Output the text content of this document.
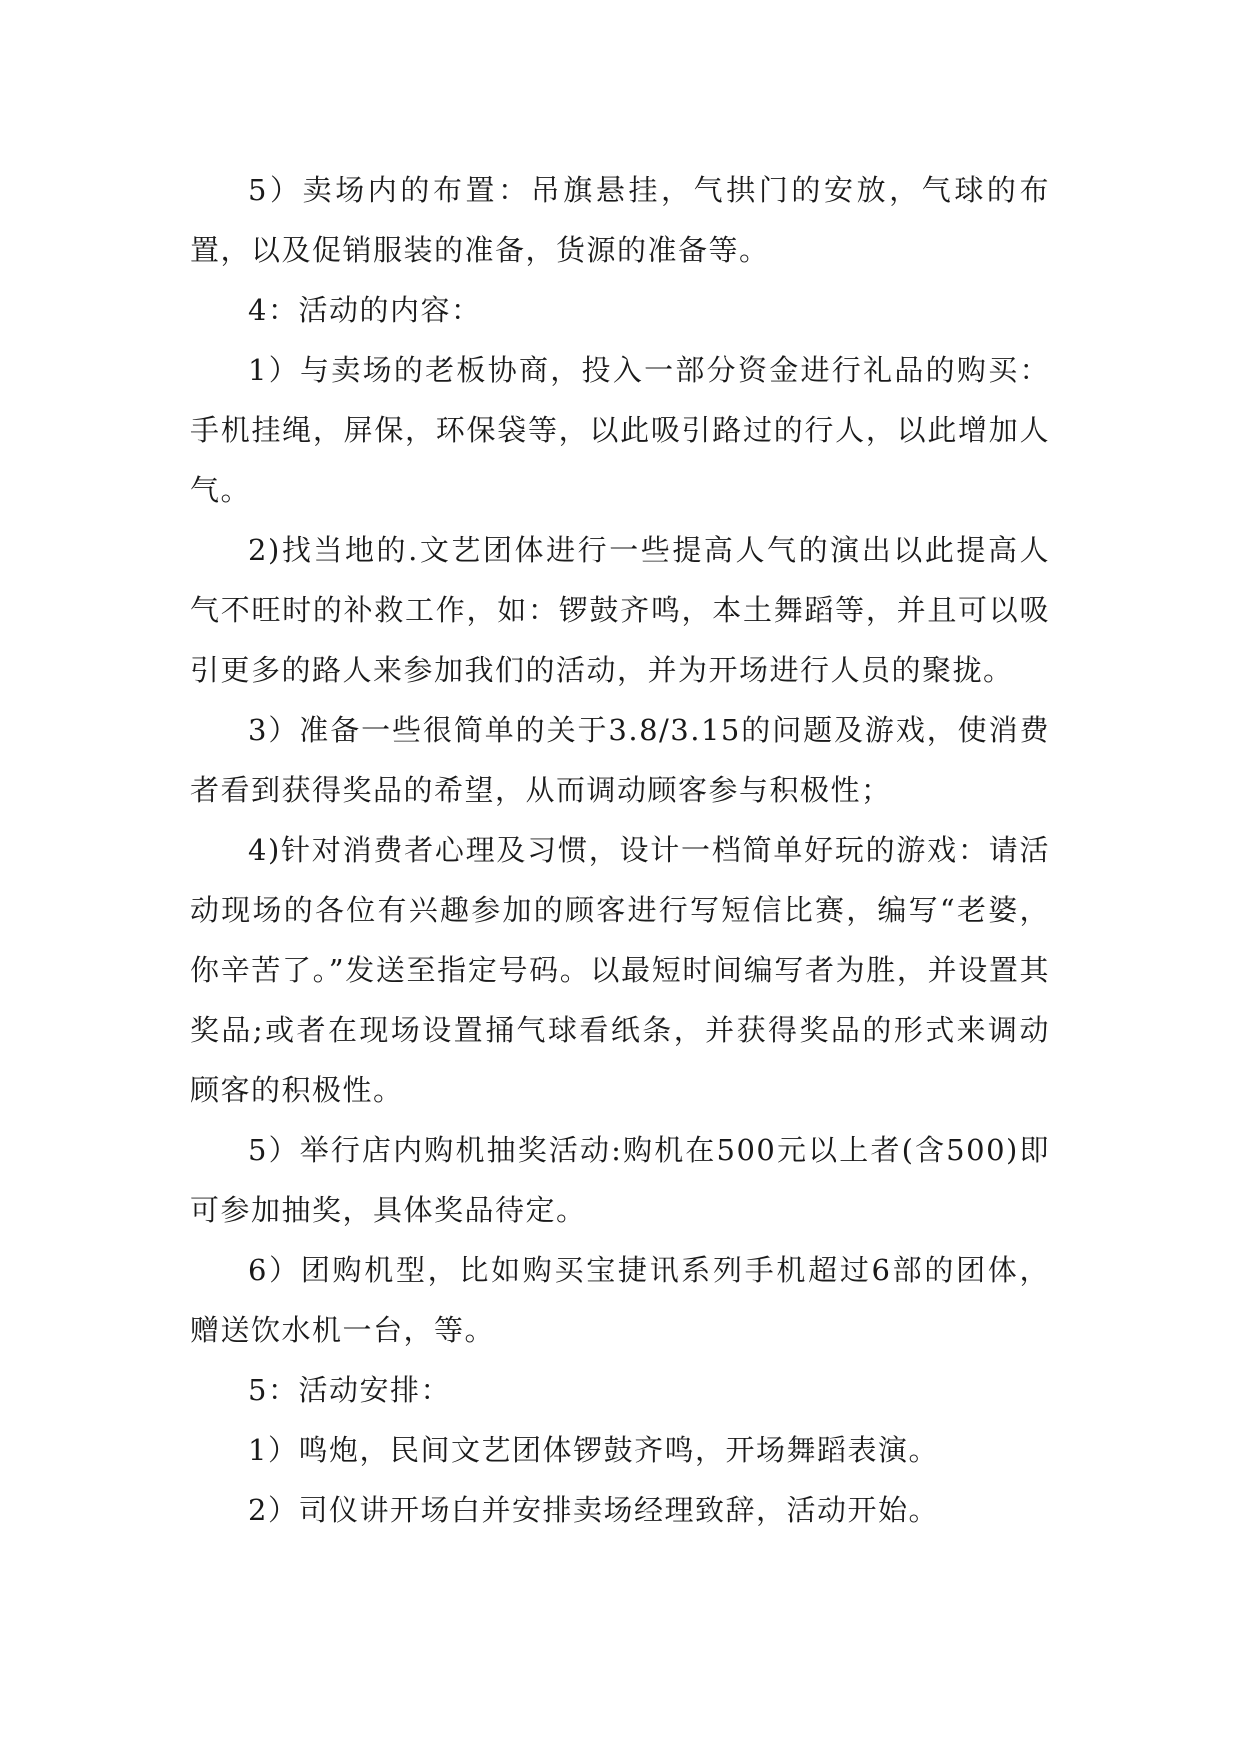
5）卖场内的布置：吊旗悬挂，气拱门的安放，气球的布置，以及促销服装的准备，货源的准备等。

4：活动的内容：

1）与卖场的老板协商，投入一部分资金进行礼品的购买：手机挂绳，屏保，环保袋等，以此吸引路过的行人，以此增加人气。

2)找当地的.文艺团体进行一些提高人气的演出以此提高人气不旺时的补救工作，如：锣鼓齐鸣，本土舞蹈等，并且可以吸引更多的路人来参加我们的活动，并为开场进行人员的聚拢。

3）准备一些很简单的关于3.8/3.15的问题及游戏，使消费者看到获得奖品的希望，从而调动顾客参与积极性；

4)针对消费者心理及习惯，设计一档简单好玩的游戏：请活动现场的各位有兴趣参加的顾客进行写短信比赛，编写“老婆，你辛苦了。”发送至指定号码。以最短时间编写者为胜，并设置其奖品;或者在现场设置捅气球看纸条，并获得奖品的形式来调动顾客的积极性。

5）举行店内购机抽奖活动:购机在500元以上者(含500)即可参加抽奖，具体奖品待定。

6）团购机型，比如购买宝捷讯系列手机超过6部的团体，赠送饮水机一台，等。

5：活动安排：

1）鸣炮，民间文艺团体锣鼓齐鸣，开场舞蹈表演。

2）司仪讲开场白并安排卖场经理致辞，活动开始。
